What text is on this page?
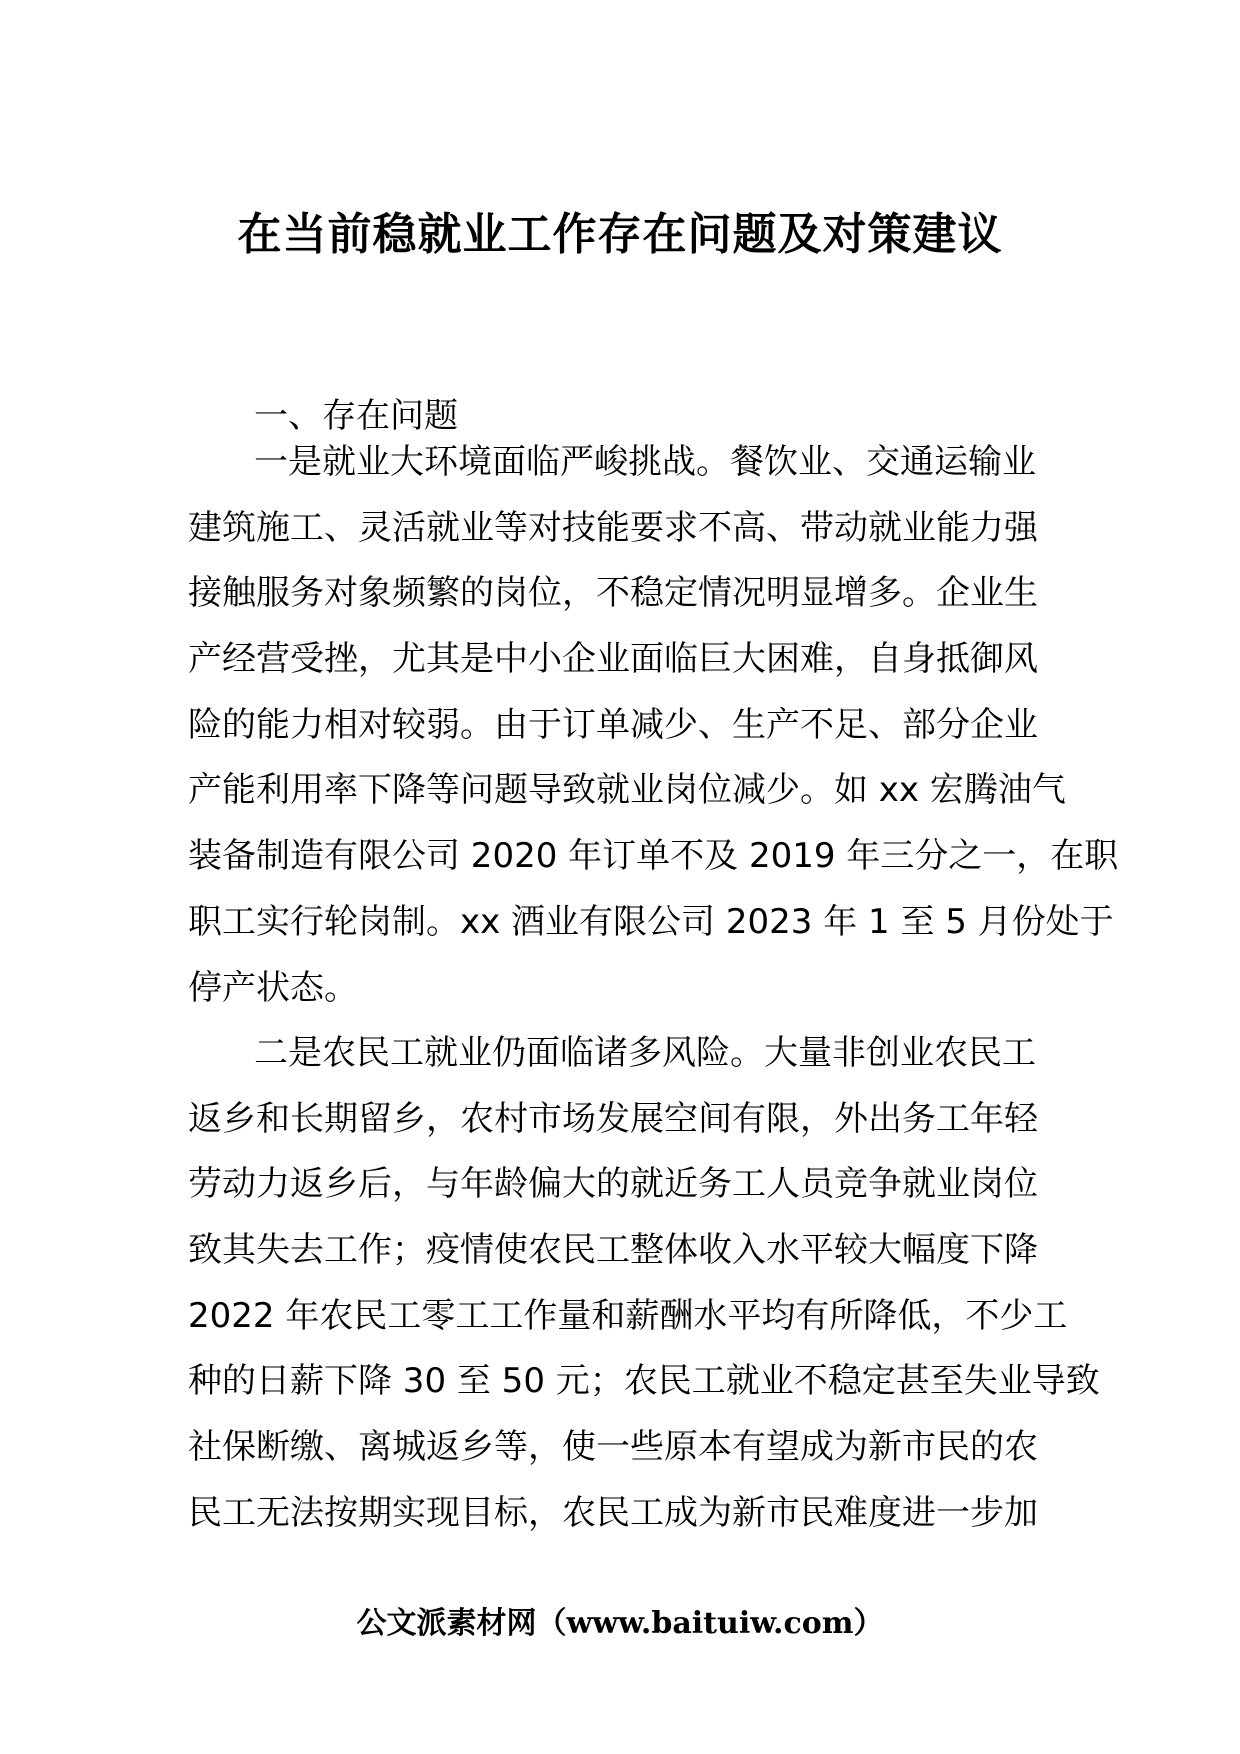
在当前稳就业工作存在问题及对策建议
一、存在问题
一是就业大环境面临严峻挑战。餐饮业、交通运输业
建筑施工、灵活就业等对技能要求不高、带动就业能力强
接触服务对象频繁的岗位，不稳定情况明显增多。企业生
产经营受挫，尤其是中小企业面临巨大困难，自身抵御风
险的能力相对较弱。由于订单减少、生产不足、部分企业
产能利用率下降等问题导致就业岗位减少。如 xx 宏腾油气
装备制造有限公司 2020 年订单不及 2019 年三分之一，在职
职工实行轮岗制。xx 酒业有限公司 2023 年 1 至 5 月份处于
停产状态。
二是农民工就业仍面临诸多风险。大量非创业农民工
返乡和长期留乡，农村市场发展空间有限，外出务工年轻
劳动力返乡后，与年龄偏大的就近务工人员竞争就业岗位
致其失去工作；疫情使农民工整体收入水平较大幅度下降
2022 年农民工零工工作量和薪酬水平均有所降低，不少工
种的日薪下降 30 至 50 元；农民工就业不稳定甚至失业导致
社保断缴、离城返乡等，使一些原本有望成为新市民的农
民工无法按期实现目标，农民工成为新市民难度进一步加
公文派素材网（www.baituiw.com）
